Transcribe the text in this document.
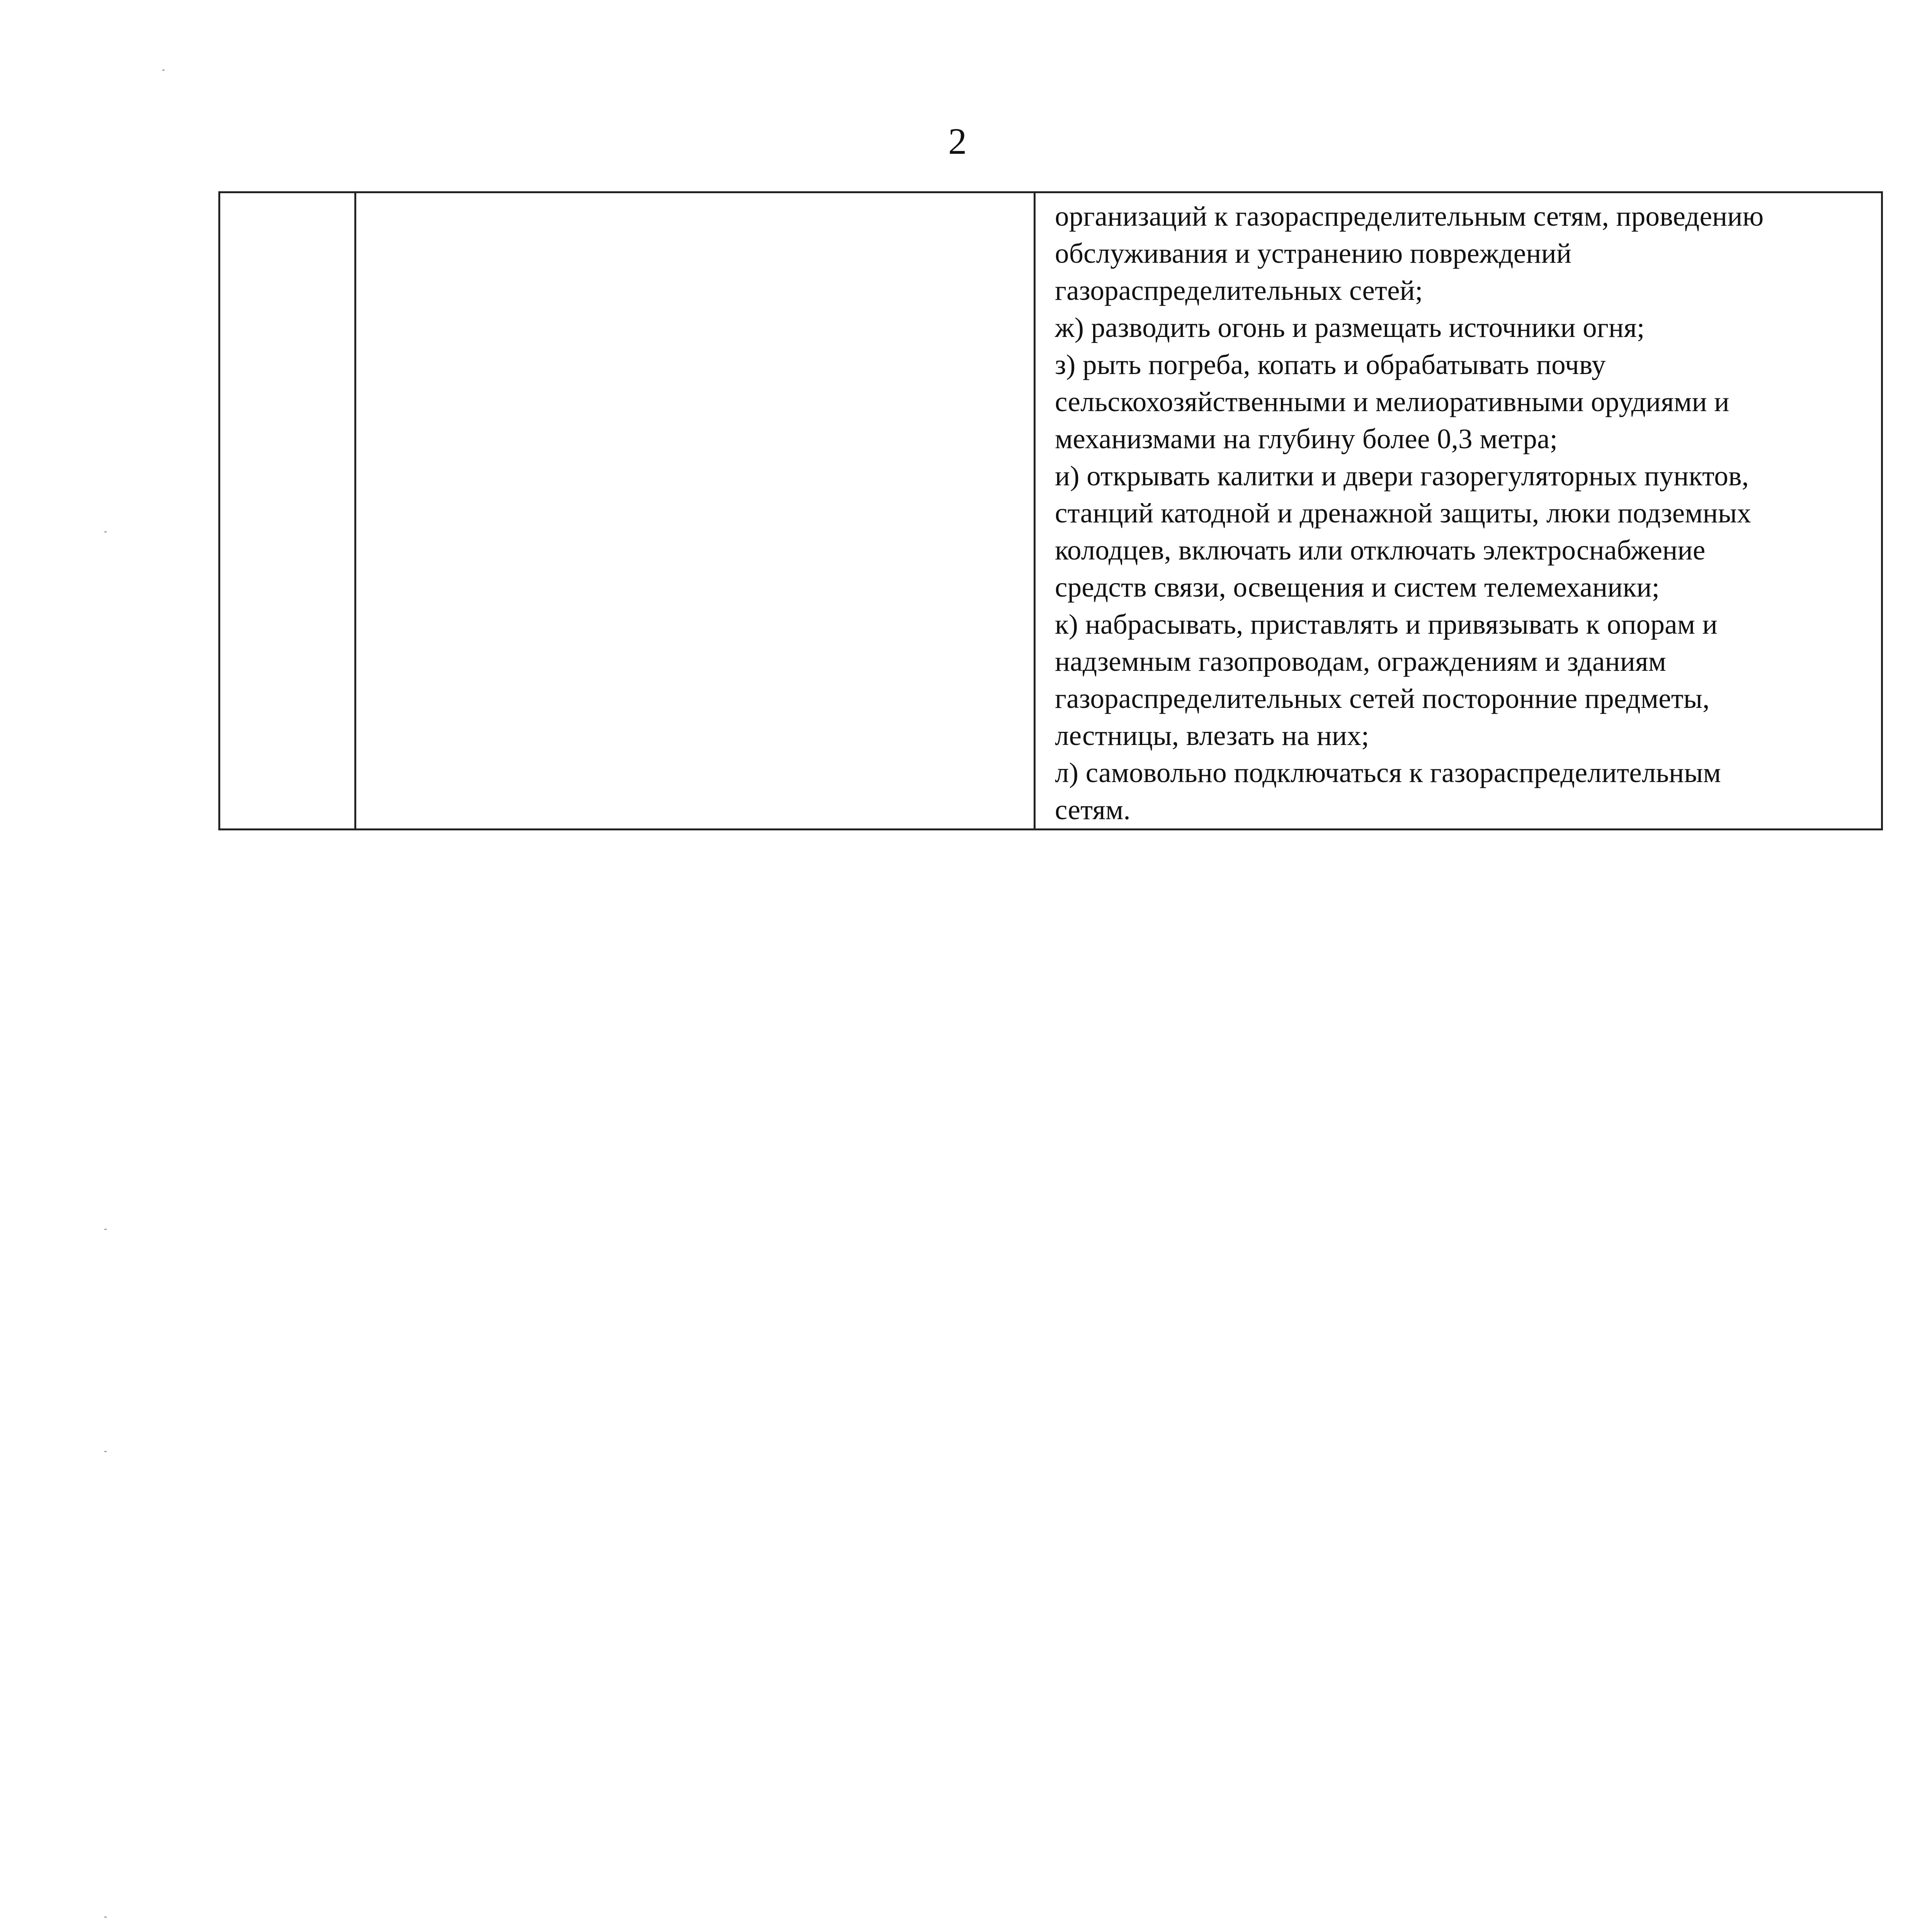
2

организаций к газораспределительным сетям, проведению
обслуживания и устранению повреждений
газораспределительных сетей;
ж) разводить огонь и размещать источники огня;
з) рыть погреба, копать и обрабатывать почву
сельскохозяйственными и мелиоративными орудиями и
механизмами на глубину более 0,3 метра;
и) открывать калитки и двери газорегуляторных пунктов,
станций катодной и дренажной защиты, люки подземных
колодцев, включать или отключать электроснабжение
средств связи, освещения и систем телемеханики;
к) набрасывать, приставлять и привязывать к опорам и
надземным газопроводам, ограждениям и зданиям
газораспределительных сетей посторонние предметы,
лестницы, влезать на них;
л) самовольно подключаться к газораспределительным
сетям.
